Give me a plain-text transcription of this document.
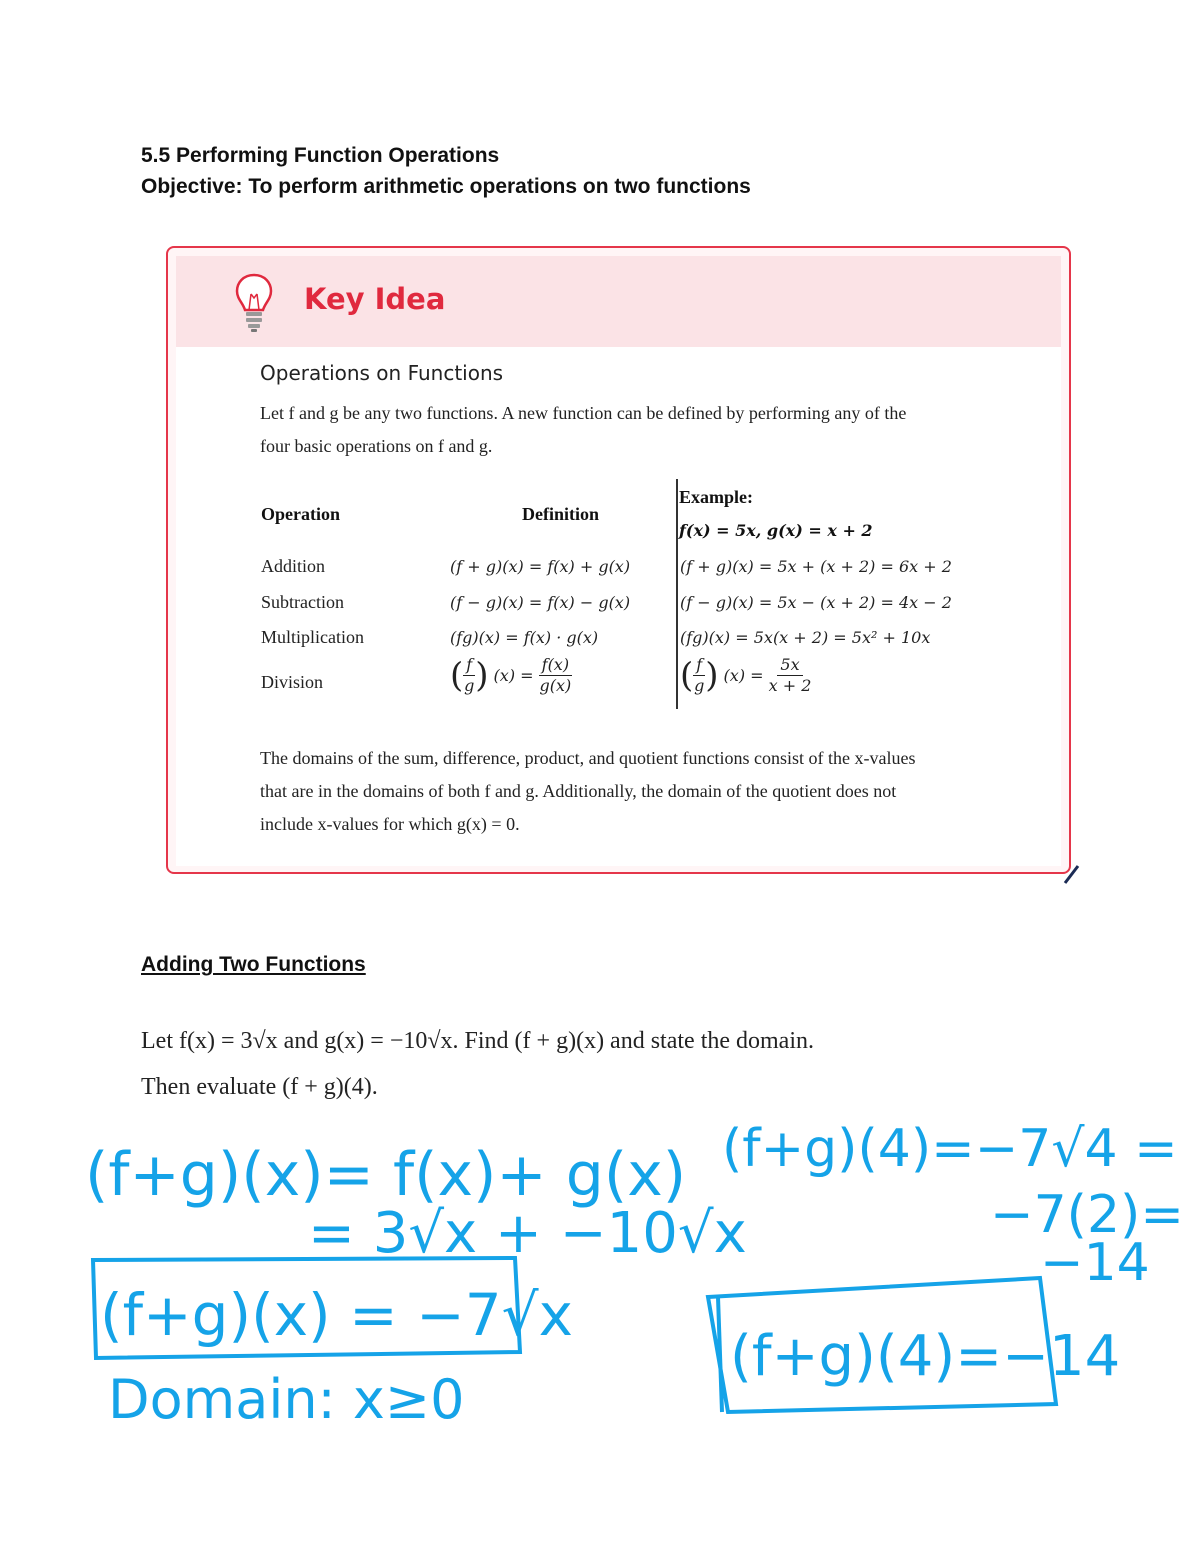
5.5 Performing Function Operations
Objective: To perform arithmetic operations on two functions
Key Idea
Operations on Functions
Let f and g be any two functions. A new function can be defined by performing any of the
four basic operations on f and g.
Operation	Definition
Example:
f(x) = 5x, g(x) = x + 2
Addition	(f + g)(x) = f(x) + g(x)	(f + g)(x) = 5x + (x + 2) = 6x + 2
Subtraction	(f − g)(x) = f(x) − g(x)	(f − g)(x) = 5x − (x + 2) = 4x − 2
Multiplication	(fg)(x) = f(x) · g(x)	(fg)(x) = 5x(x + 2) = 5x² + 10x
Division	( $\frac{f}{g}$ ) $(x) = \frac{f(x)}{g(x)}$	( $\frac{f}{g}$ ) $(x) = \frac{5x}{x + 2}$
The domains of the sum, difference, product, and quotient functions consist of the x-values
that are in the domains of both f and g. Additionally, the domain of the quotient does not
include x-values for which g(x) = 0.
Adding Two Functions
Let f(x) = 3√x and g(x) = −10√x. Find (f + g)(x) and state the domain.
Then evaluate (f + g)(4).
(f+g)(x)= f(x)+ g(x)
= 3√x + −10√x
(f+g)(x) = −7√x
Domain: x≥0
(f+g)(4)=−7√4 =
−7(2)=
−14
(f+g)(4)=−14
